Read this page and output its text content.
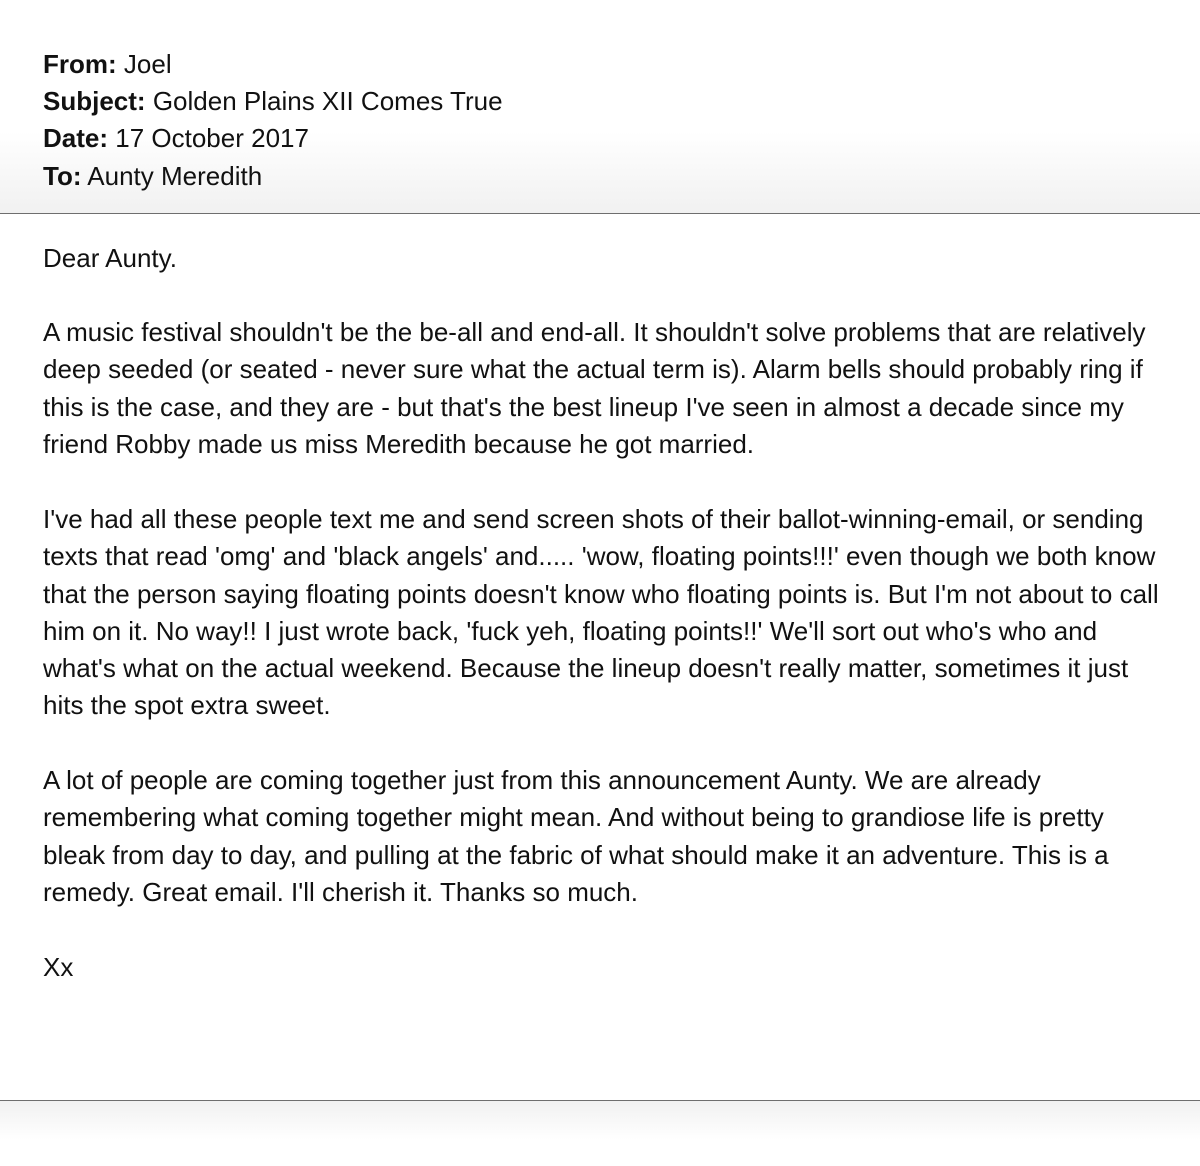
From: Joel
Subject: Golden Plains XII Comes True
Date: 17 October 2017
To: Aunty Meredith

Dear Aunty.

A music festival shouldn't be the be-all and end-all. It shouldn't solve problems that are relatively deep seeded (or seated - never sure what the actual term is). Alarm bells should probably ring if this is the case, and they are - but that's the best lineup I've seen in almost a decade since my friend Robby made us miss Meredith because he got married.

I've had all these people text me and send screen shots of their ballot-winning-email, or sending texts that read 'omg' and 'black angels' and..... 'wow, floating points!!!' even though we both know that the person saying floating points doesn't know who floating points is. But I'm not about to call him on it. No way!! I just wrote back, 'fuck yeh, floating points!!' We'll sort out who's who and what's what on the actual weekend. Because the lineup doesn't really matter, sometimes it just hits the spot extra sweet.

A lot of people are coming together just from this announcement Aunty. We are already remembering what coming together might mean. And without being to grandiose life is pretty bleak from day to day, and pulling at the fabric of what should make it an adventure. This is a remedy. Great email. I'll cherish it. Thanks so much.

Xx
